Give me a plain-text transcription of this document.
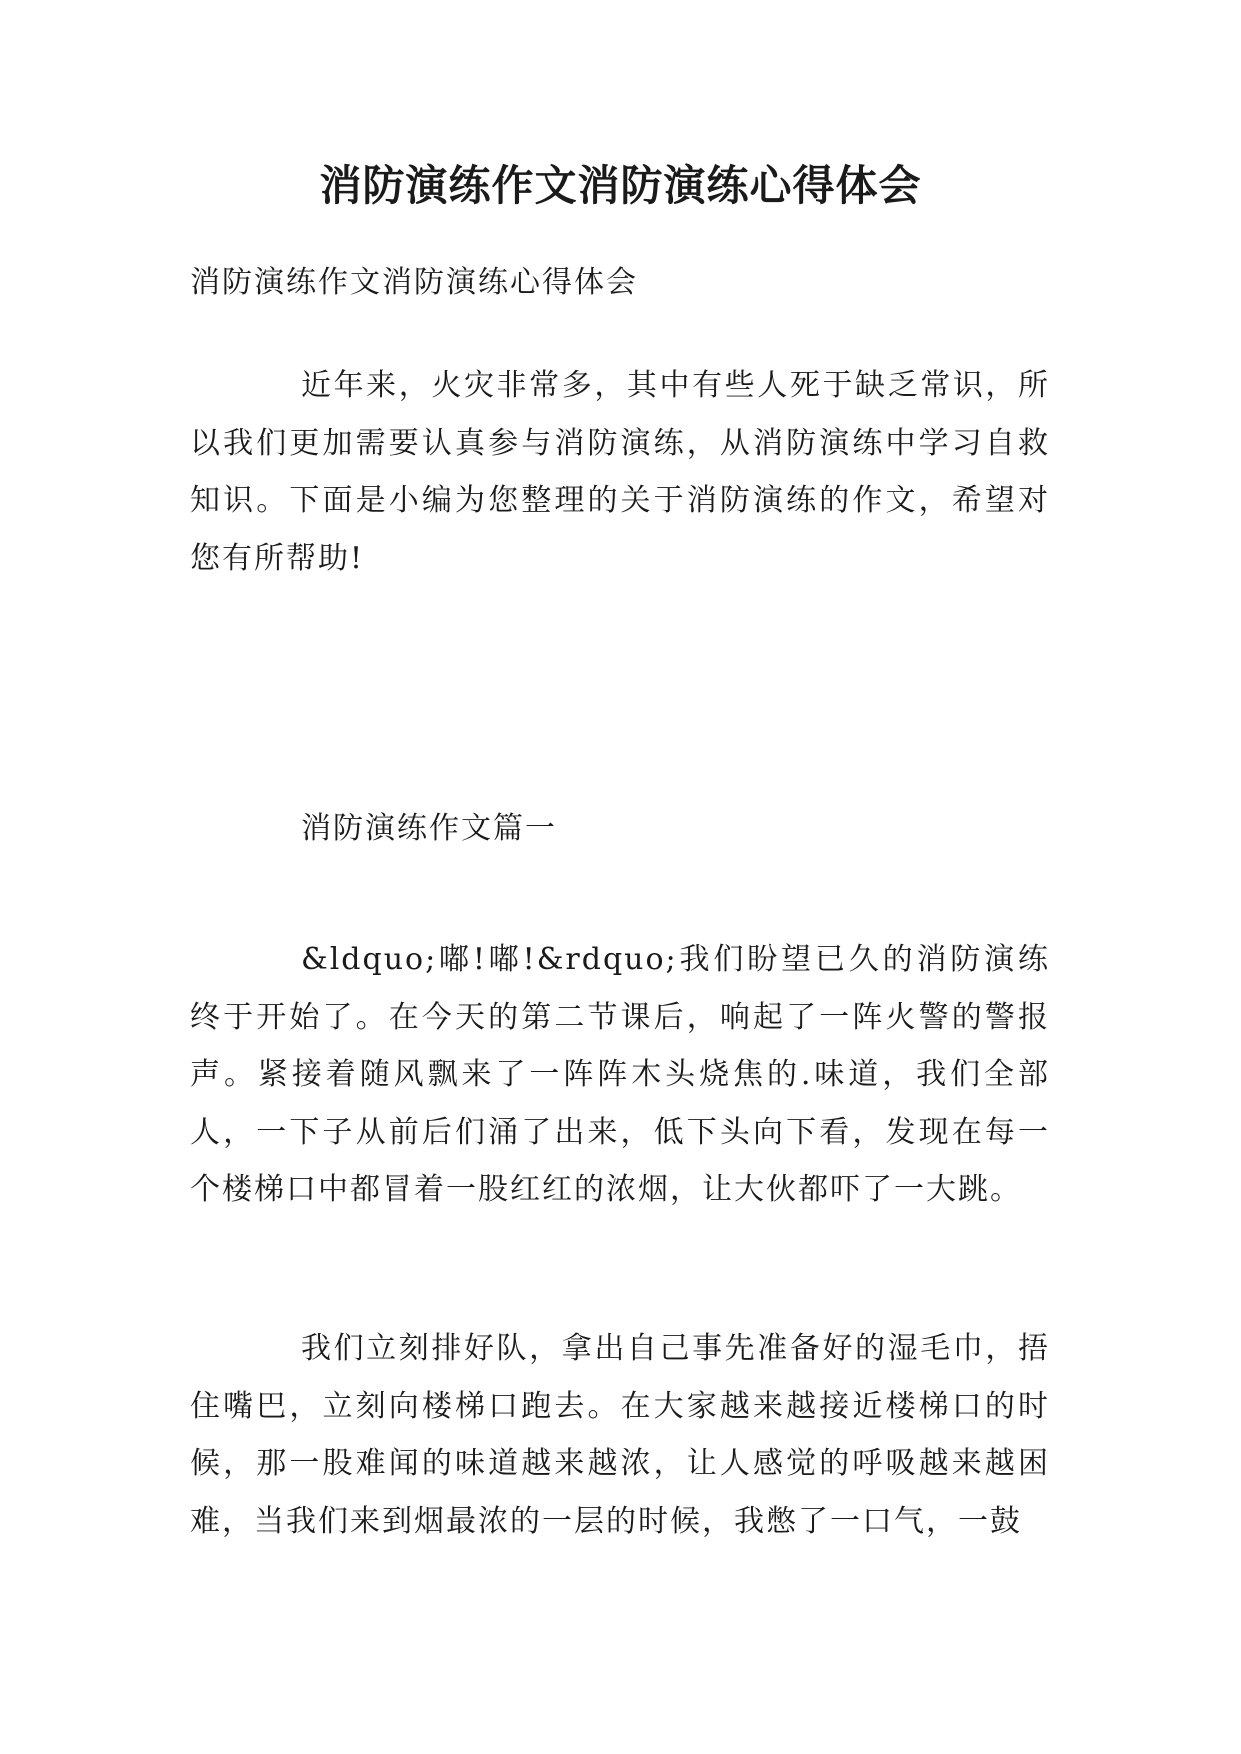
消防演练作文消防演练心得体会

消防演练作文消防演练心得体会

近年来，火灾非常多，其中有些人死于缺乏常识，所以我们更加需要认真参与消防演练，从消防演练中学习自救知识。下面是小编为您整理的关于消防演练的作文，希望对您有所帮助!

消防演练作文篇一

&ldquo;嘟!嘟!&rdquo;我们盼望已久的消防演练终于开始了。在今天的第二节课后，响起了一阵火警的警报声。紧接着随风飘来了一阵阵木头烧焦的.味道，我们全部人，一下子从前后们涌了出来，低下头向下看，发现在每一个楼梯口中都冒着一股红红的浓烟，让大伙都吓了一大跳。

我们立刻排好队，拿出自己事先准备好的湿毛巾，捂住嘴巴，立刻向楼梯口跑去。在大家越来越接近楼梯口的时候，那一股难闻的味道越来越浓，让人感觉的呼吸越来越困难，当我们来到烟最浓的一层的时候，我憋了一口气，一鼓
